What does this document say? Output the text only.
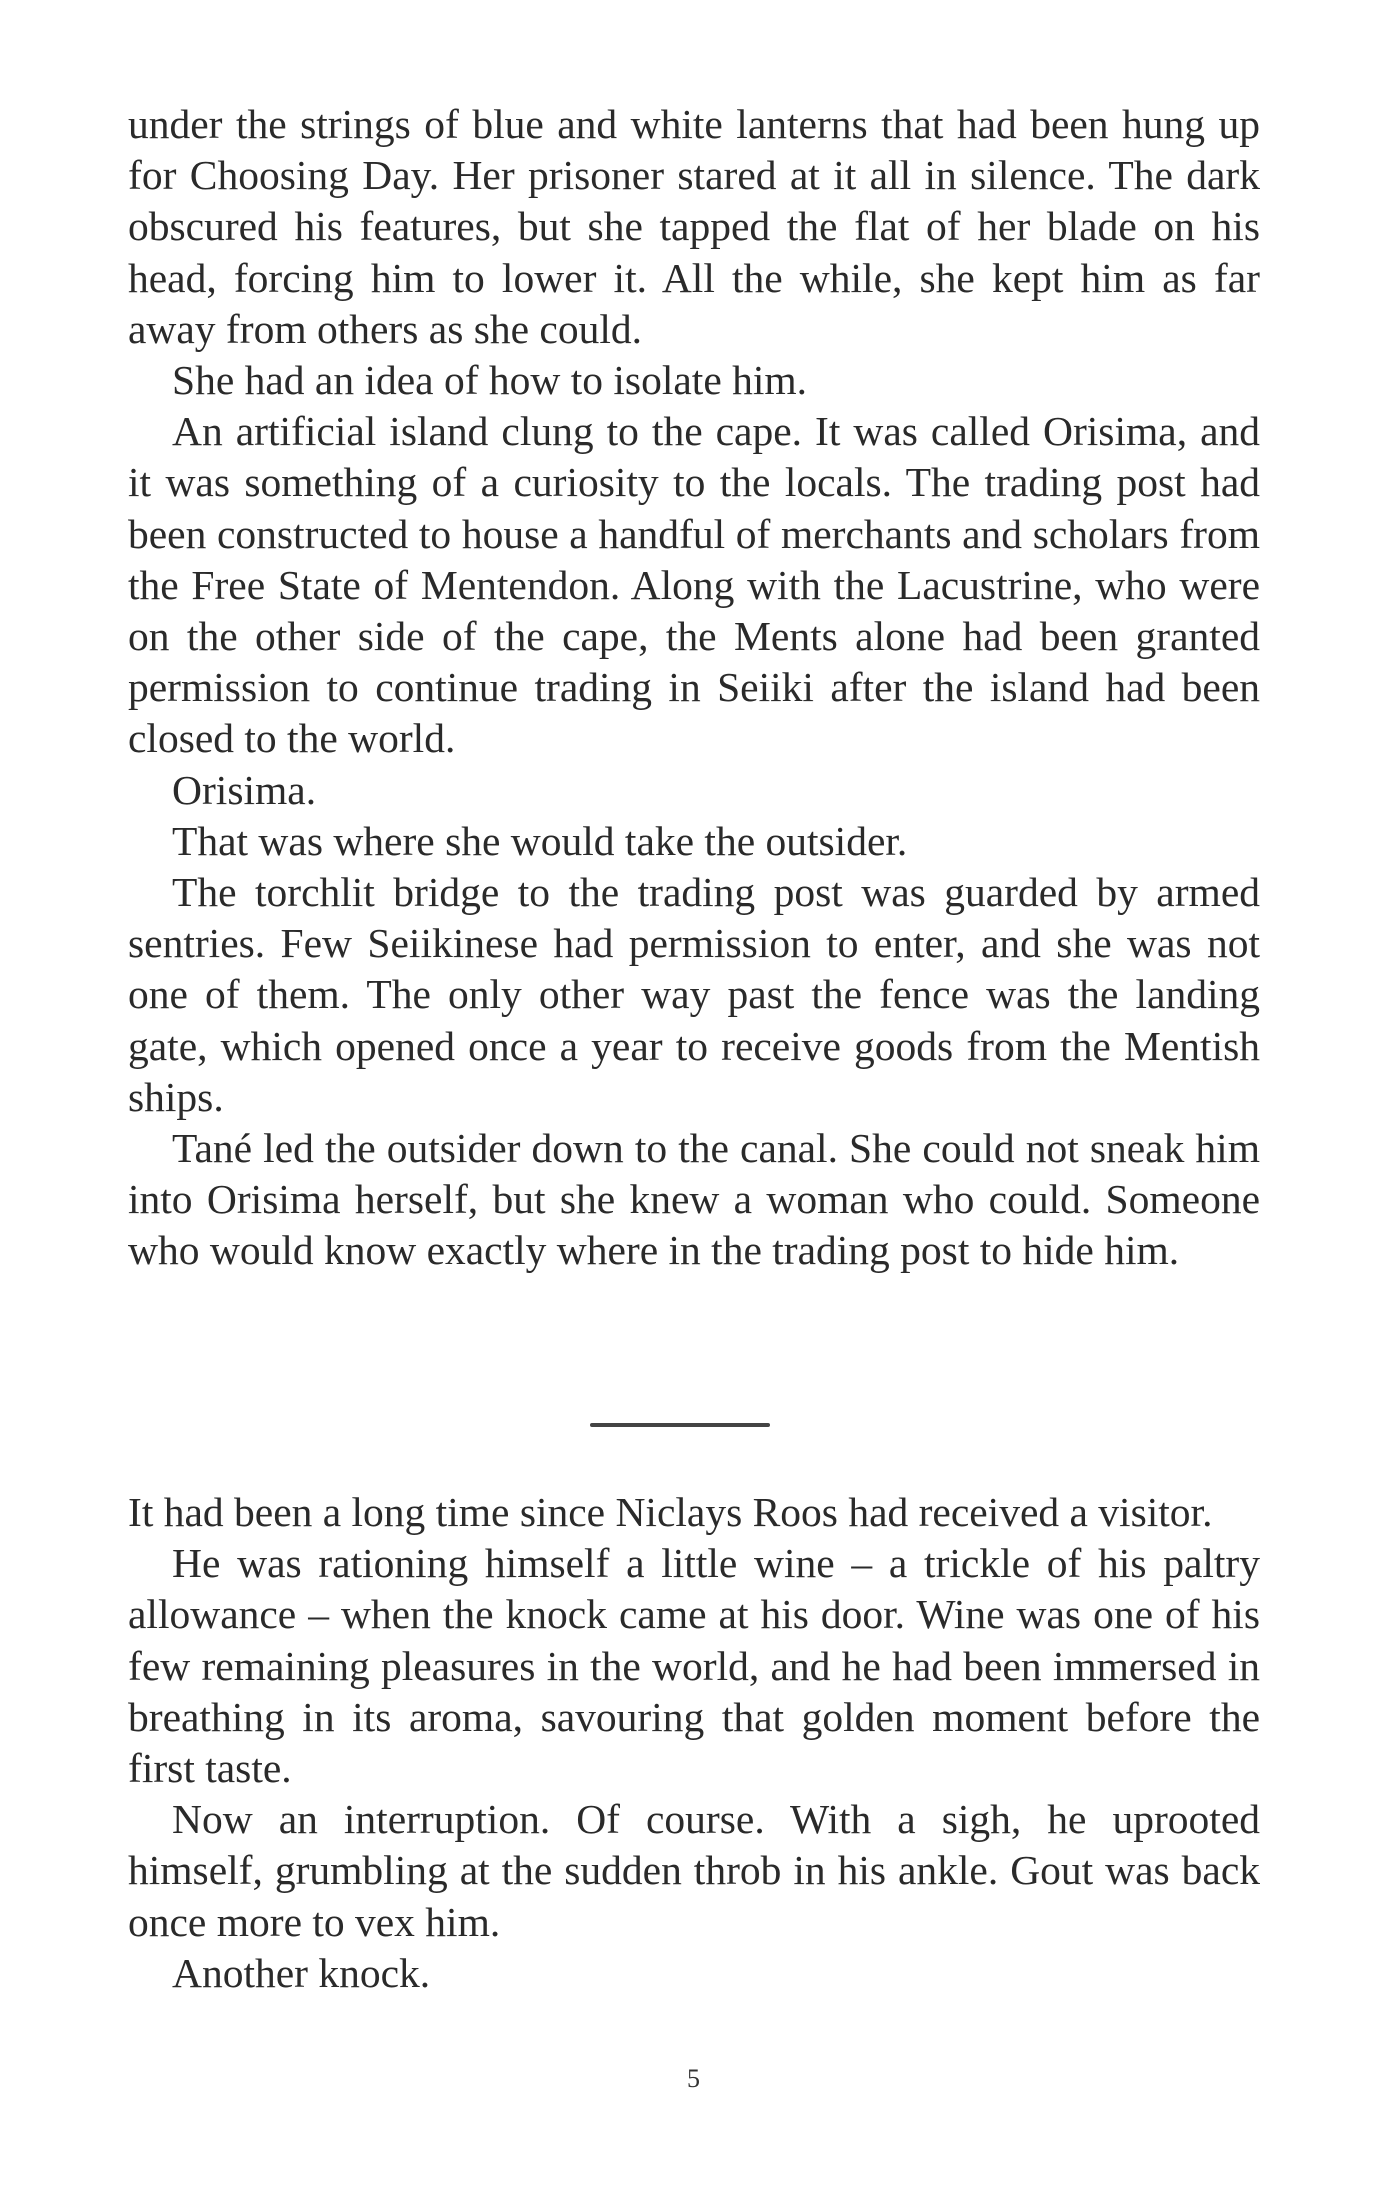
under the strings of blue and white lanterns that had been hung up for Choosing Day. Her prisoner stared at it all in silence. The dark obscured his features, but she tapped the flat of her blade on his head, forcing him to lower it. All the while, she kept him as far away from others as she could.

She had an idea of how to isolate him.

An artificial island clung to the cape. It was called Orisima, and it was something of a curiosity to the locals. The trading post had been constructed to house a handful of merchants and scholars from the Free State of Mentendon. Along with the Lacustrine, who were on the other side of the cape, the Ments alone had been granted permission to continue trading in Seiiki after the island had been closed to the world.

Orisima.

That was where she would take the outsider.

The torchlit bridge to the trading post was guarded by armed sentries. Few Seiikinese had permission to enter, and she was not one of them. The only other way past the fence was the landing gate, which opened once a year to receive goods from the Mentish ships.

Tané led the outsider down to the canal. She could not sneak him into Orisima herself, but she knew a woman who could. Someone who would know exactly where in the trading post to hide him.

It had been a long time since Niclays Roos had received a visitor.

He was rationing himself a little wine – a trickle of his paltry allowance – when the knock came at his door. Wine was one of his few remaining pleasures in the world, and he had been immersed in breathing in its aroma, savouring that golden moment before the first taste.

Now an interruption. Of course. With a sigh, he uprooted himself, grumbling at the sudden throb in his ankle. Gout was back once more to vex him.

Another knock.

5
